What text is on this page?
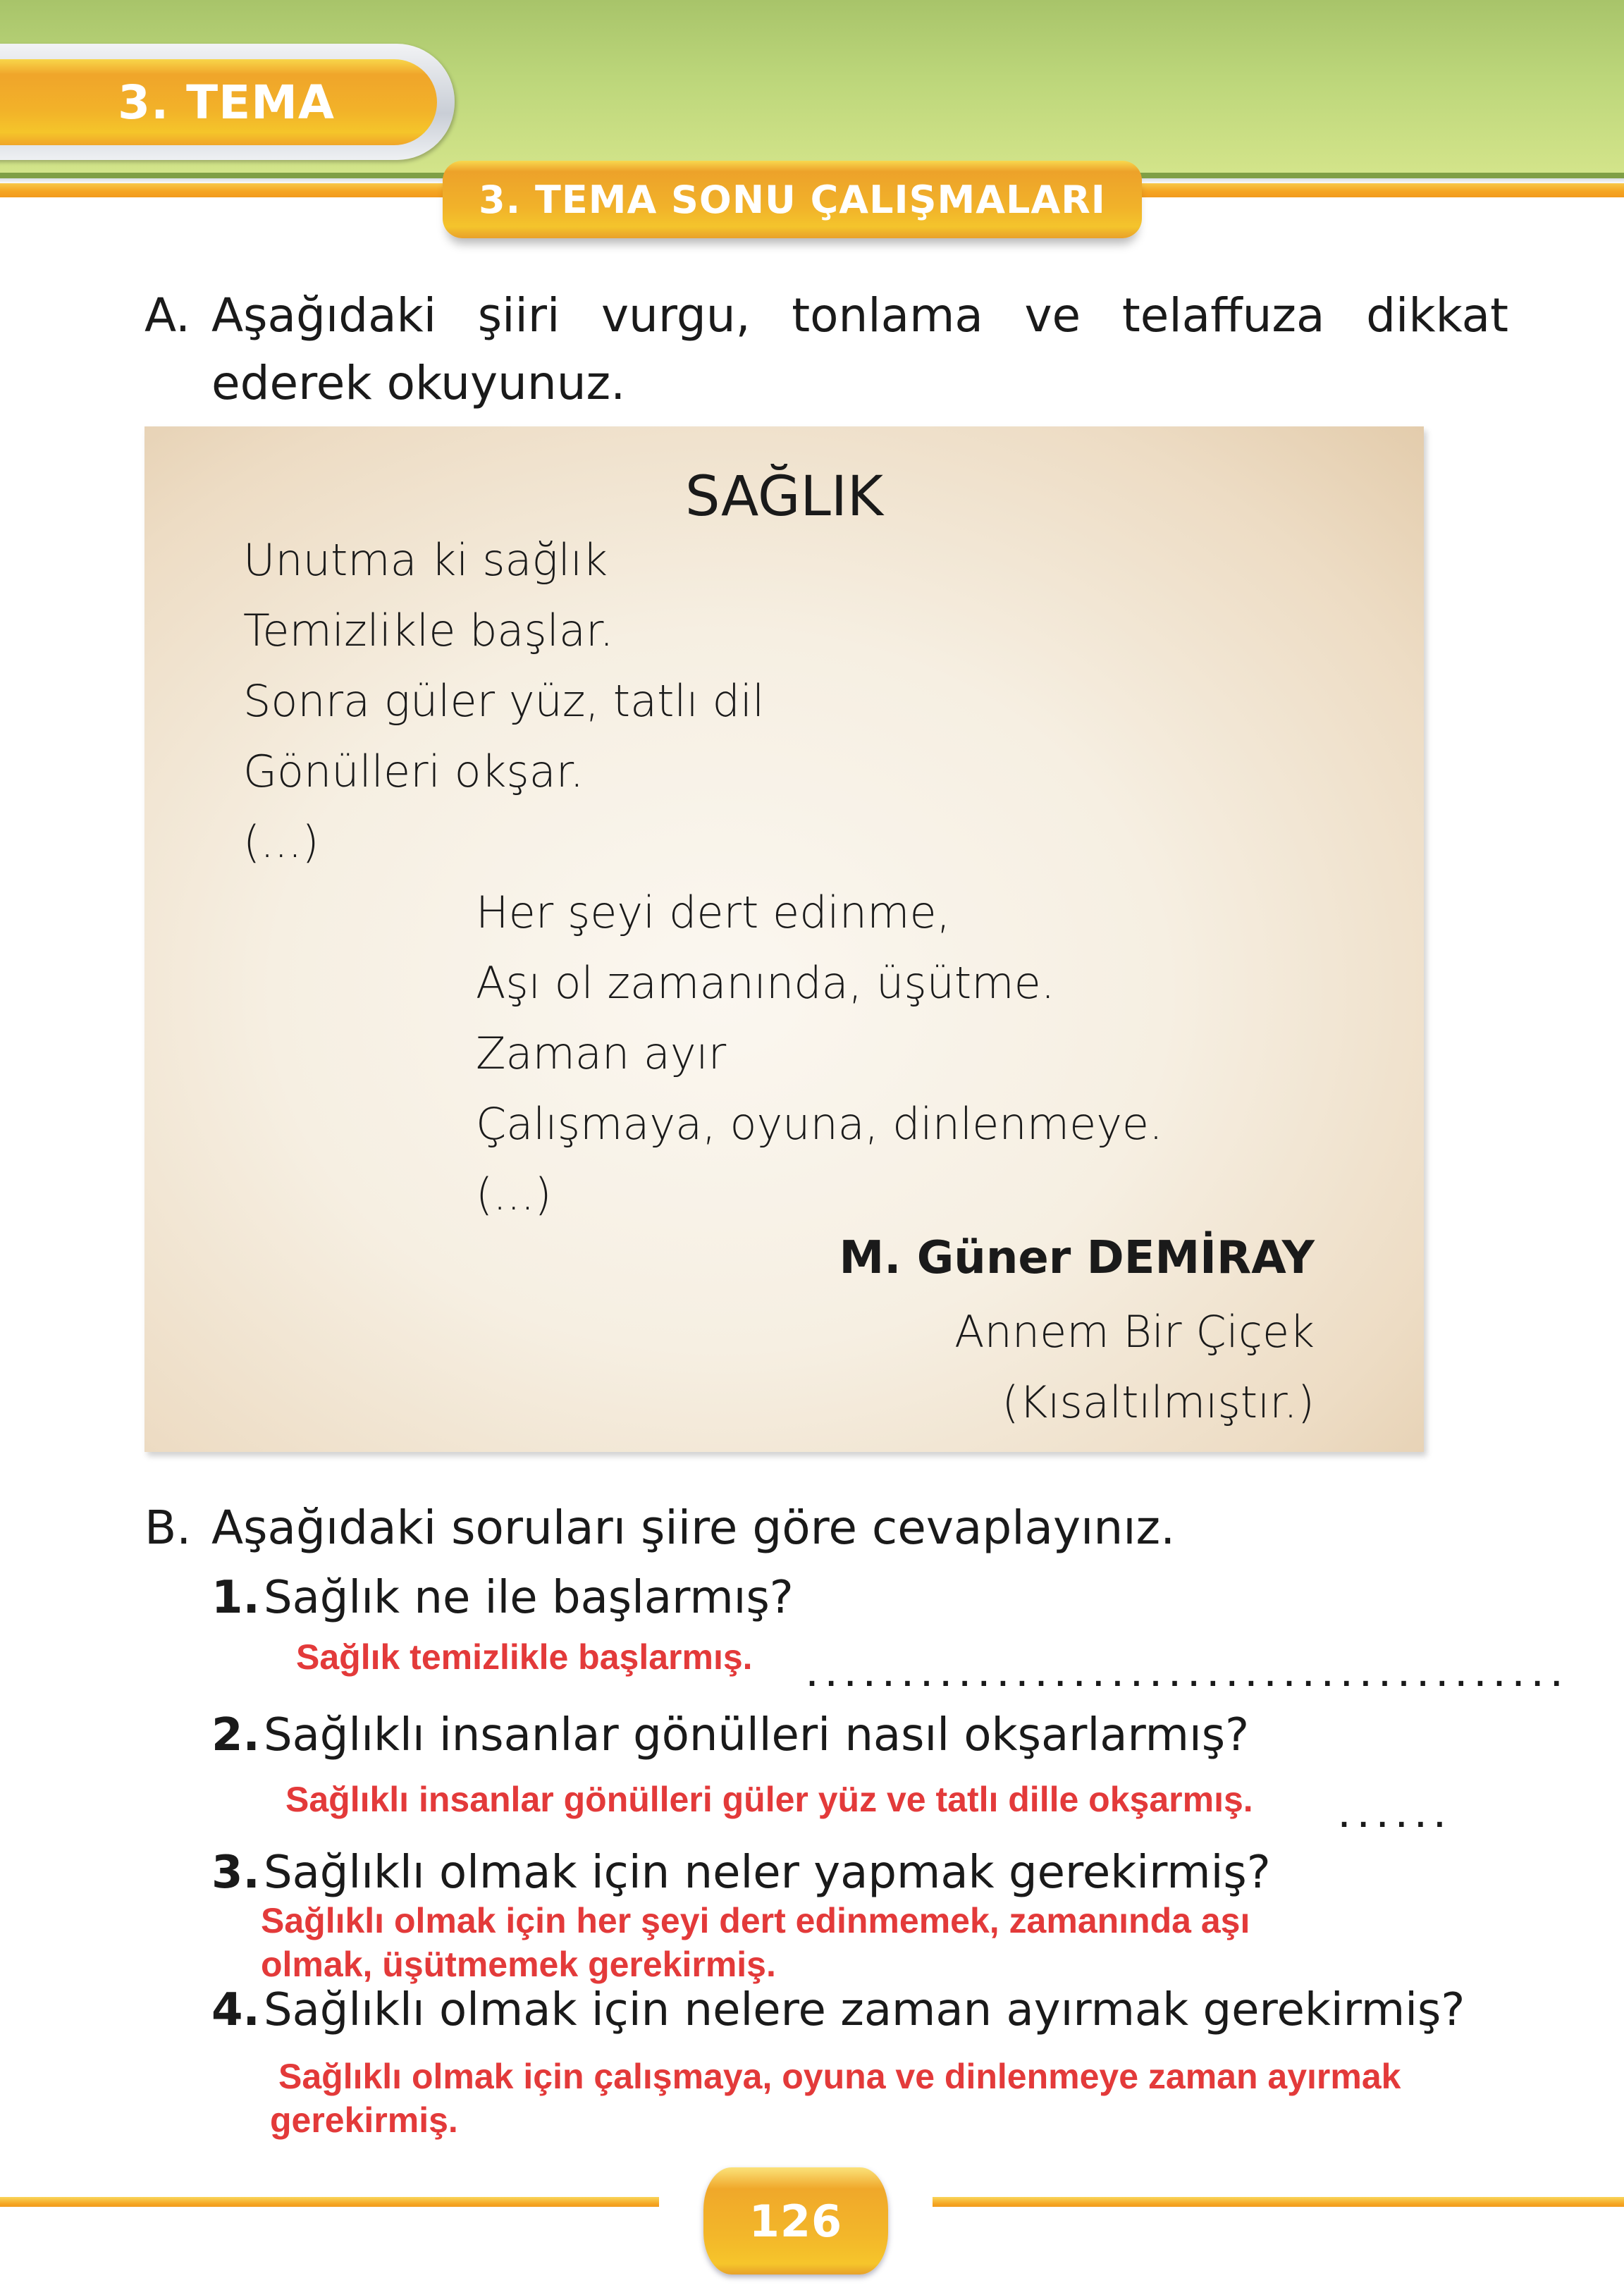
3. TEMA
3. TEMA SONU ÇALIŞMALARI
A. Aşağıdaki şiiri vurgu, tonlama ve telaffuza dikkat
ederek okuyunuz.
SAĞLIK
Unutma ki sağlık
Temizlikle başlar.
Sonra güler yüz, tatlı dil
Gönülleri okşar.
(...)
Her şeyi dert edinme,
Aşı ol zamanında, üşütme.
Zaman ayır
Çalışmaya, oyuna, dinlenmeye.
(...)
M. Güner DEMİRAY
Annem Bir Çiçek
(Kısaltılmıştır.)
B. Aşağıdaki soruları şiire göre cevaplayınız.
1. Sağlık ne ile başlarmış?
Sağlık temizlikle başlarmış. ........................................
2. Sağlıklı insanlar gönülleri nasıl okşarlarmış?
Sağlıklı insanlar gönülleri güler yüz ve tatlı dille okşarmış.	......
3. Sağlıklı olmak için neler yapmak gerekirmiş?
Sağlıklı olmak için her şeyi dert edinmemek, zamanında aşı
olmak, üşütmemek gerekirmiş.
4. Sağlıklı olmak için nelere zaman ayırmak gerekirmiş?
Sağlıklı olmak için çalışmaya, oyuna ve dinlenmeye zaman ayırmak
gerekirmiş.
126
